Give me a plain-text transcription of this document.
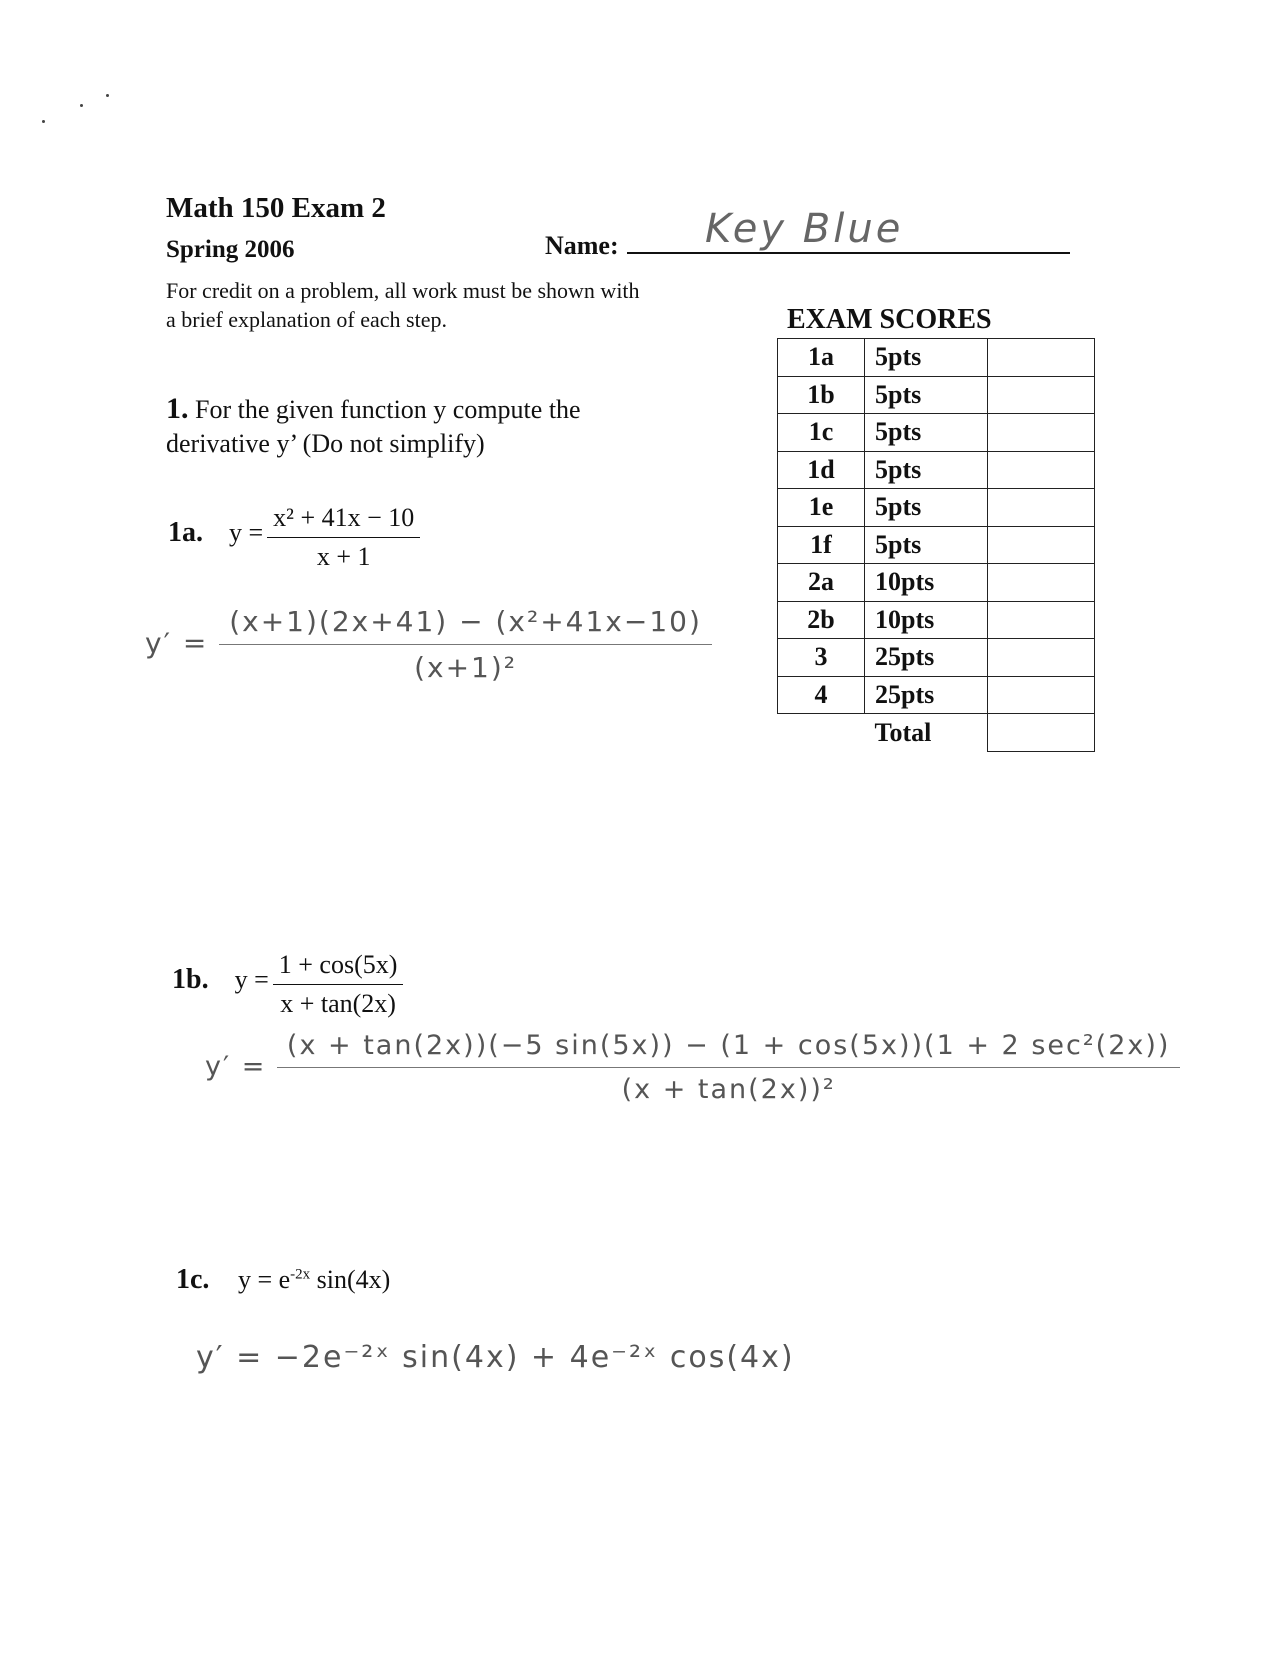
Math 150 Exam 2
Spring 2006	Name: Key Blue
For credit on a problem, all work must be shown with a brief explanation of each step.	EXAM SCORES
1a	5pts	
1b	5pts	
1c	5pts	
1d	5pts	
1e	5pts	
1f	5pts	
2a	10pts	
2b	10pts	
3	25pts	
4	25pts	
	Total	
1. For the given function y compute the derivative y’ (Do not simplify)
1a. $y = \frac{\text{x² + 41x − 10}}{x + 1}$
$y' = \frac{\text{(x+1)(2x+41) − (x²+41x−10)}}{\text{(x+1)²}}$
1b. $y = \frac{1 + \cos(5x)}{x + \tan(2x)}$
$y' = \frac{\text{(x + tan(2x))(−5 sin(5x)) − (1 + cos(5x))(1 + 2 sec²(2x))}}{\text{(x + tan(2x))²}}$
1c. $y = e^{-2x}$ sin(4x)
y′ = −2e⁻²ˣ sin(4x) + 4e⁻²ˣ cos(4x)
